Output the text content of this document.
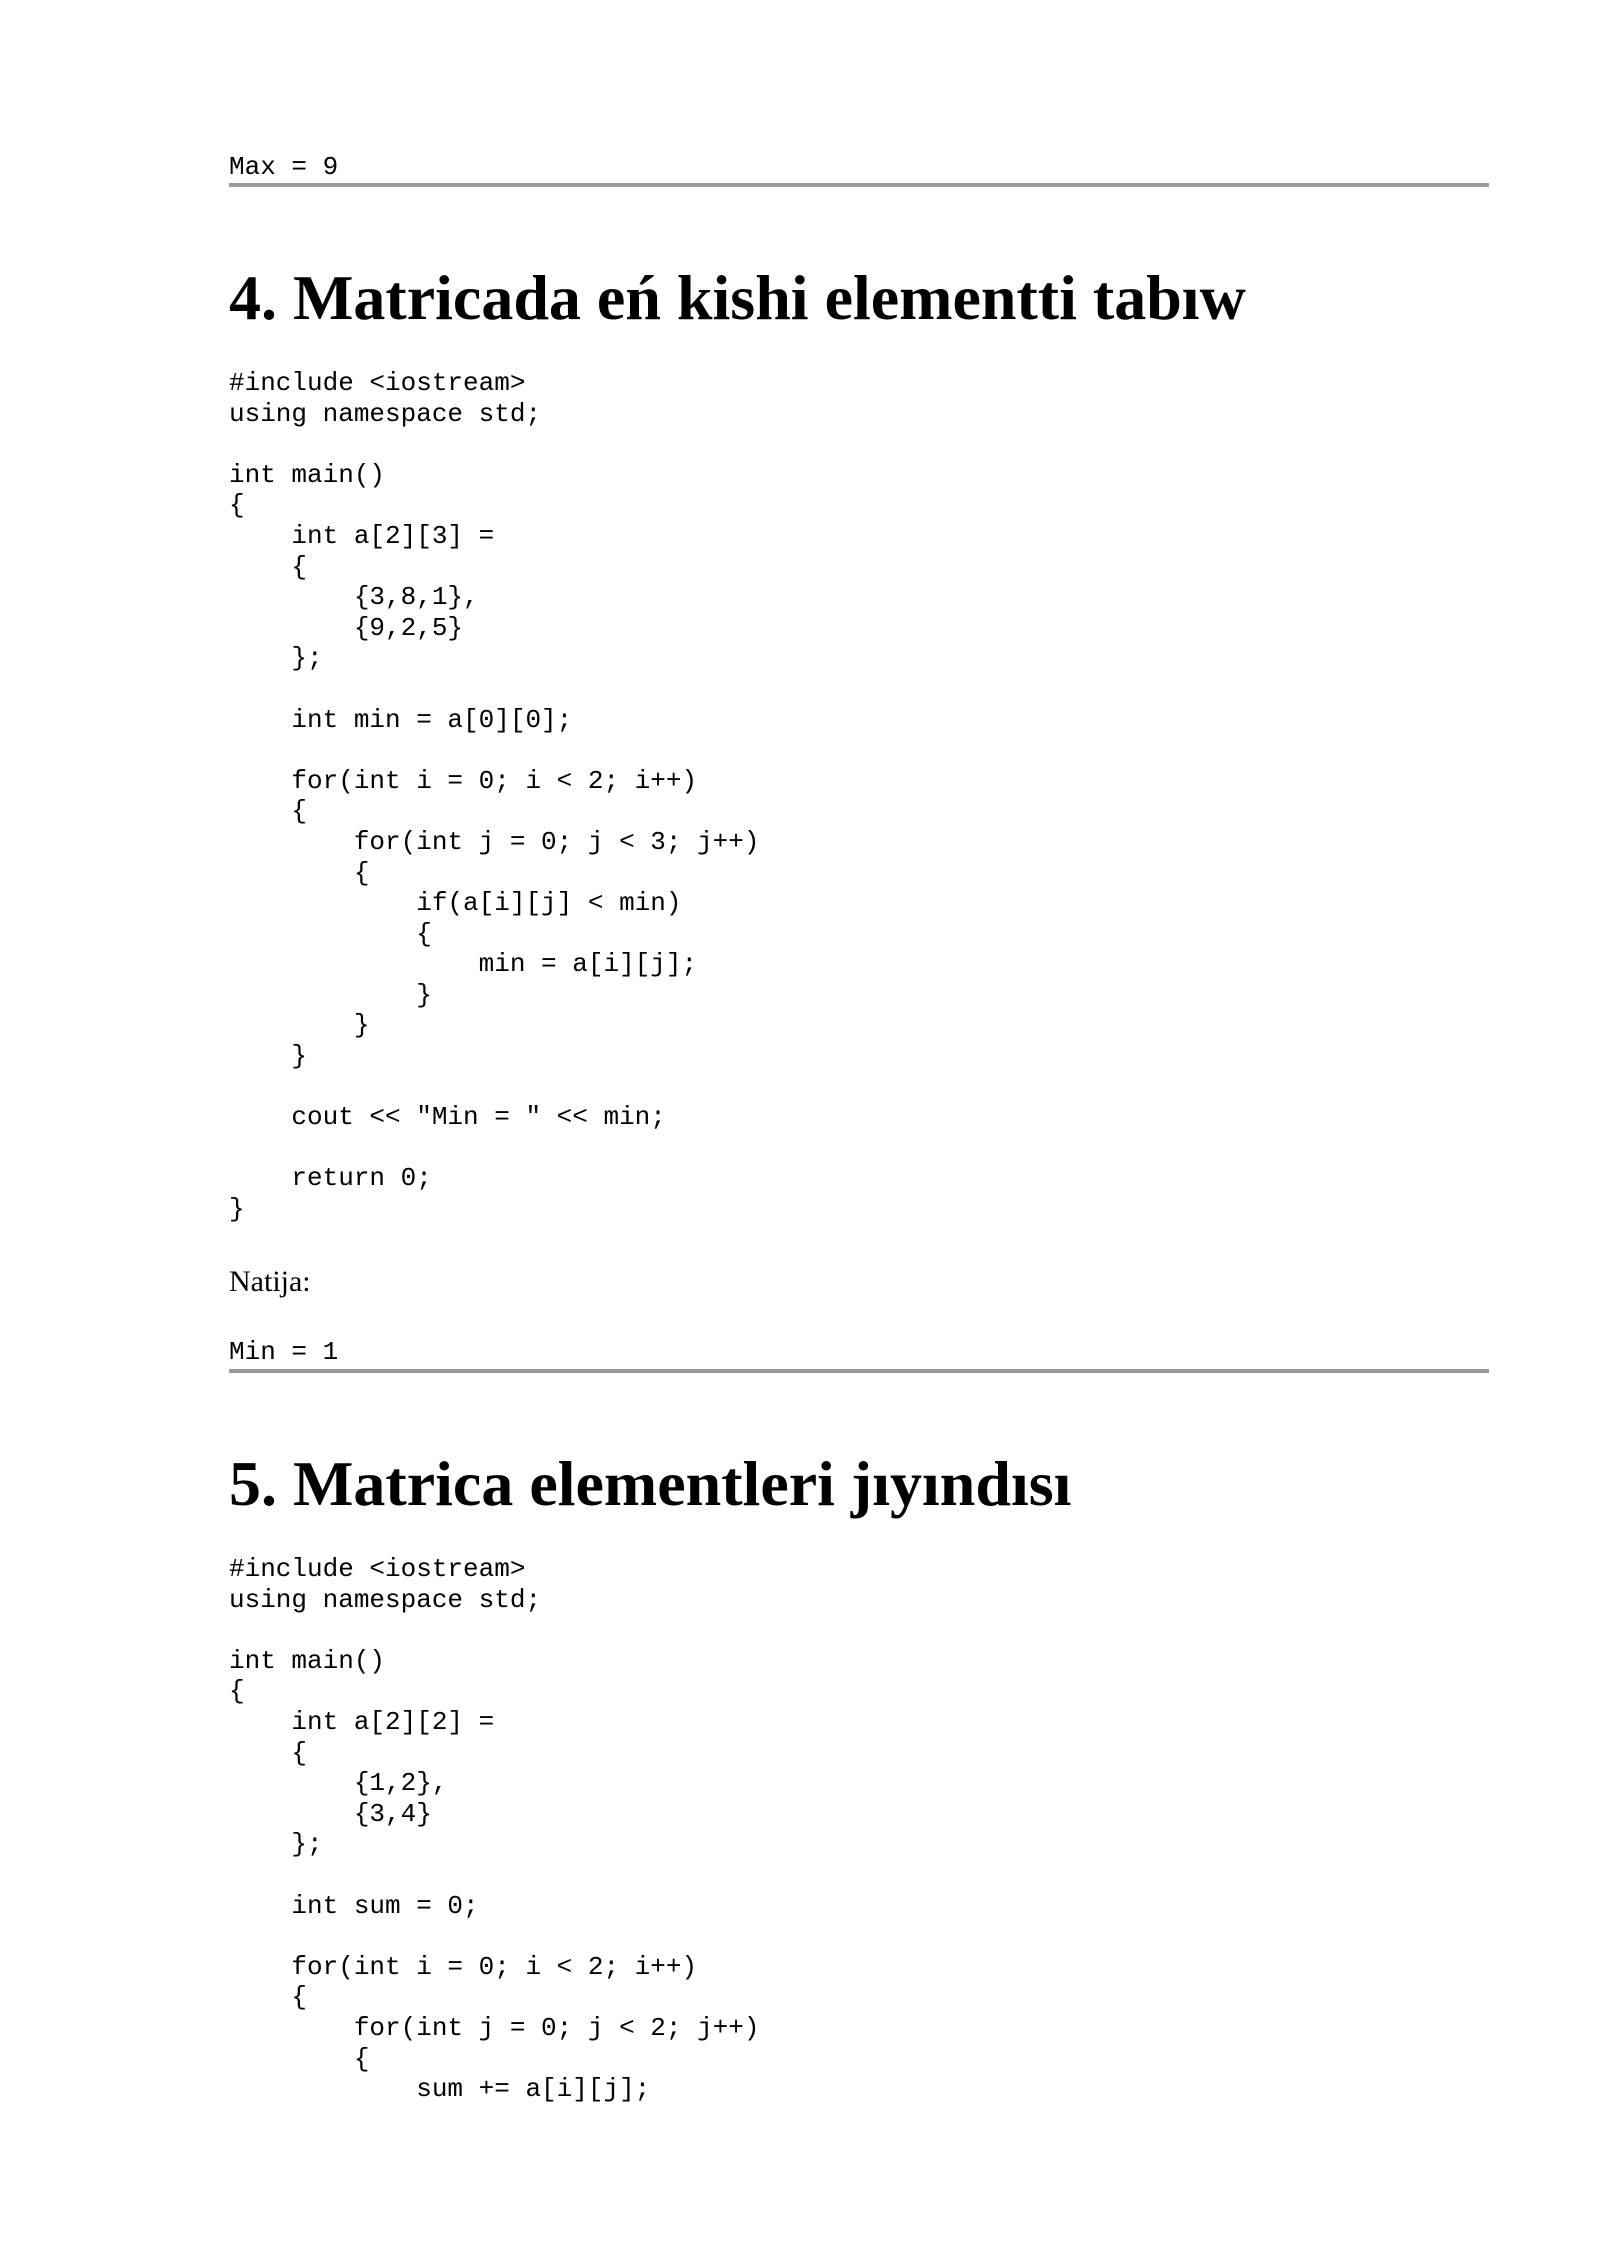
Max = 9
4. Matricada eń kishi elementti tabıw
#include <iostream>
using namespace std;

int main()
{
int a[2][3] =
{
{3,8,1},
{9,2,5}
};

int min = a[0][0];

for(int i = 0; i < 2; i++)
{
for(int j = 0; j < 3; j++)
{
if(a[i][j] < min)
{
min = a[i][j];
}
}
}

cout << "Min = " << min;

return 0;
}

Natija:

Min = 1
5. Matrica elementleri jıyındısı
#include <iostream>
using namespace std;

int main()
{
int a[2][2] =
{
{1,2},
{3,4}
};

int sum = 0;

for(int i = 0; i < 2; i++)
{
for(int j = 0; j < 2; j++)
{
sum += a[i][j];
